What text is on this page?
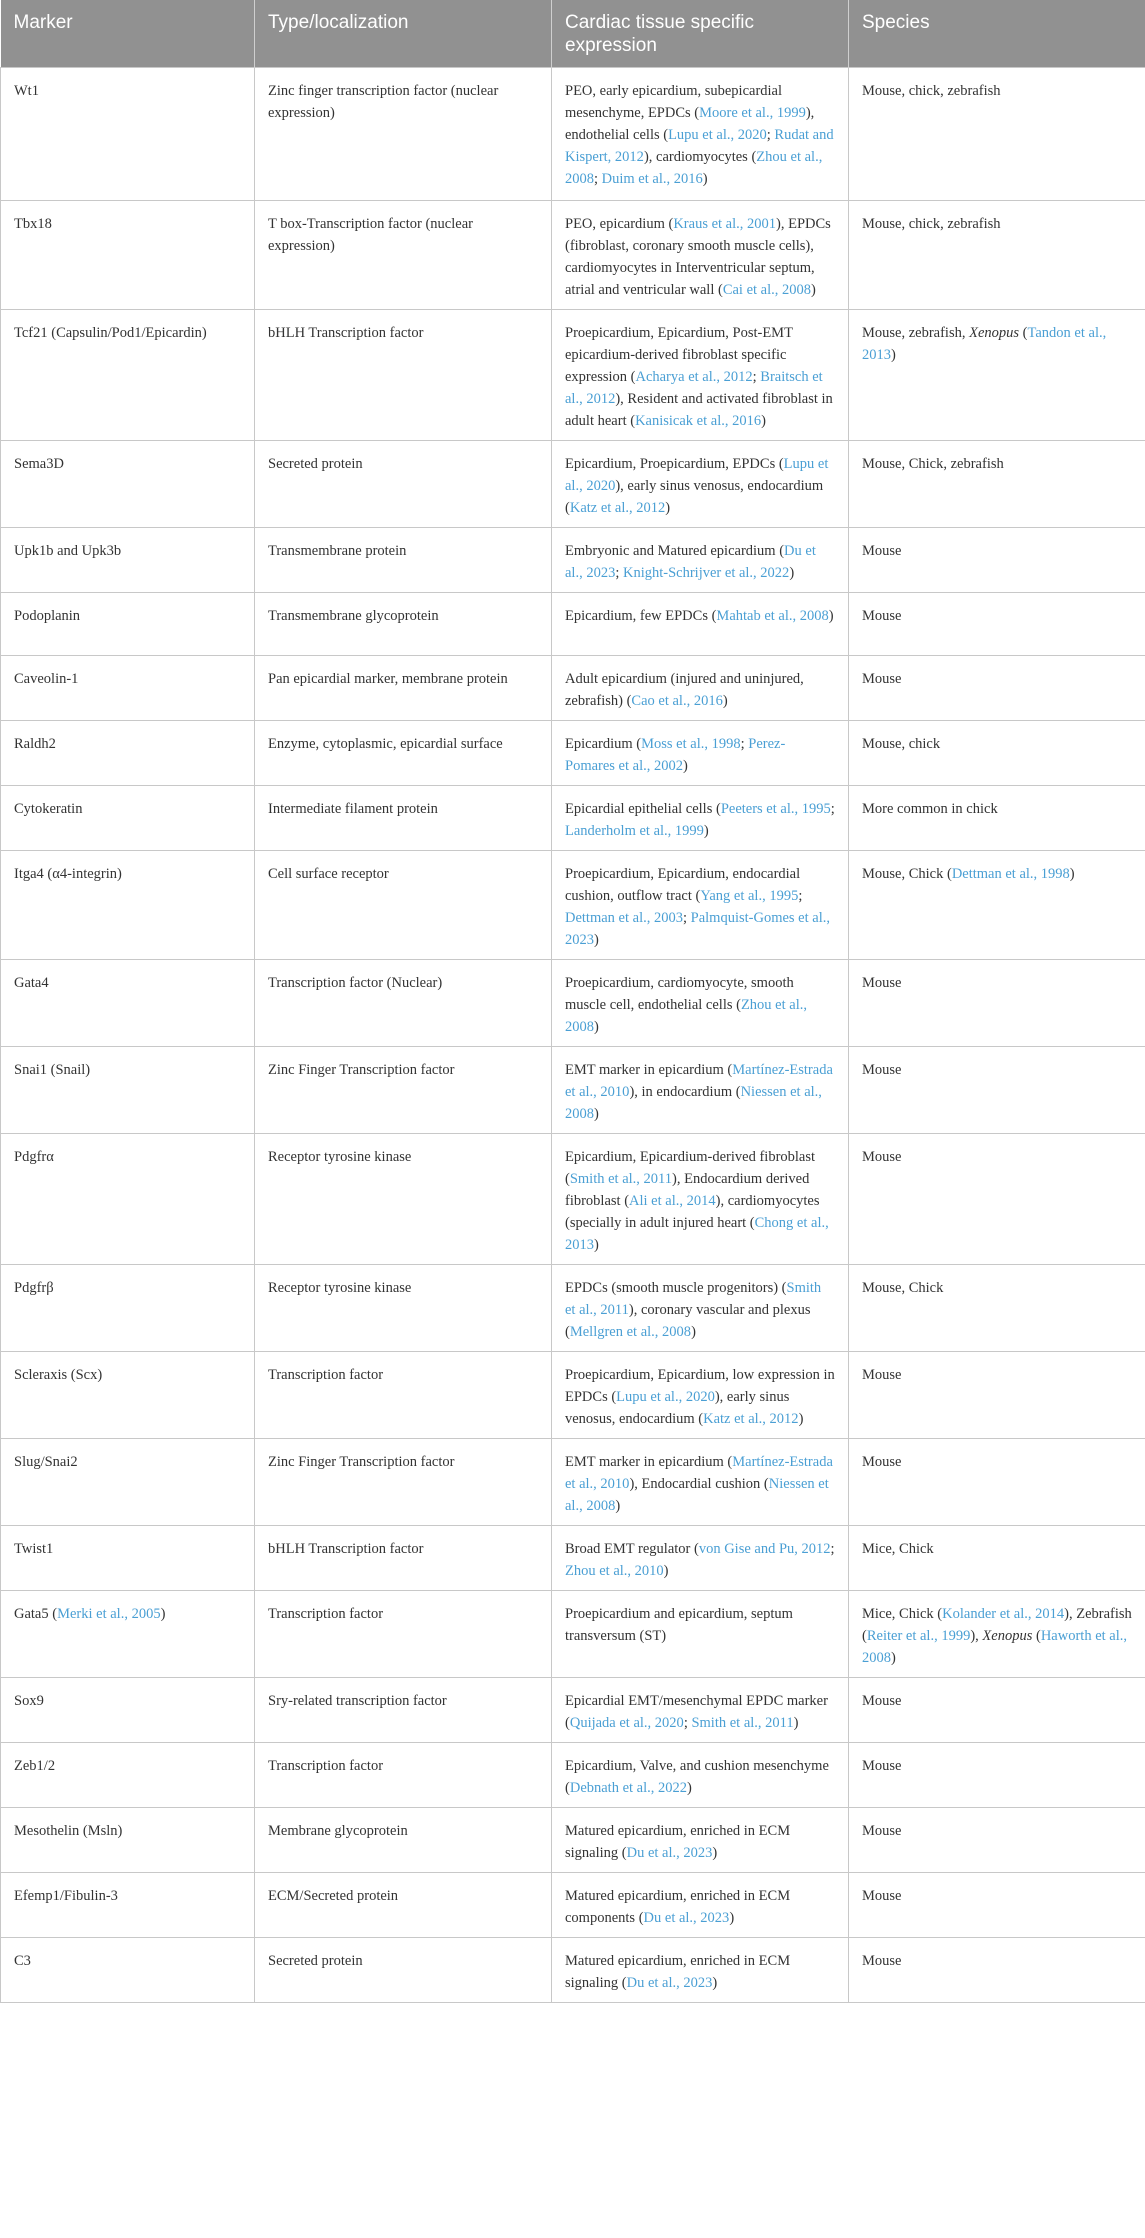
Marker	Type/localization	Cardiac tissue specific expression	Species
Wt1	Zinc finger transcription factor (nuclear expression)	PEO, early epicardium, subepicardial mesenchyme, EPDCs (Moore et al., 1999), endothelial cells (Lupu et al., 2020; Rudat and Kispert, 2012), cardiomyocytes (Zhou et al., 2008; Duim et al., 2016)	Mouse, chick, zebrafish
Tbx18	T box-Transcription factor (nuclear expression)	PEO, epicardium (Kraus et al., 2001), EPDCs (fibroblast, coronary smooth muscle cells), cardiomyocytes in Interventricular septum, atrial and ventricular wall (Cai et al., 2008)	Mouse, chick, zebrafish
Tcf21 (Capsulin/Pod1/Epicardin)	bHLH Transcription factor	Proepicardium, Epicardium, Post-EMT epicardium-derived fibroblast specific expression (Acharya et al., 2012; Braitsch et al., 2012), Resident and activated fibroblast in adult heart (Kanisicak et al., 2016)	Mouse, zebrafish, Xenopus (Tandon et al., 2013)
Sema3D	Secreted protein	Epicardium, Proepicardium, EPDCs (Lupu et al., 2020), early sinus venosus, endocardium (Katz et al., 2012)	Mouse, Chick, zebrafish
Upk1b and Upk3b	Transmembrane protein	Embryonic and Matured epicardium (Du et al., 2023; Knight-Schrijver et al., 2022)	Mouse
Podoplanin	Transmembrane glycoprotein	Epicardium, few EPDCs (Mahtab et al., 2008)	Mouse
Caveolin-1	Pan epicardial marker, membrane protein	Adult epicardium (injured and uninjured, zebrafish) (Cao et al., 2016)	Mouse
Raldh2	Enzyme, cytoplasmic, epicardial surface	Epicardium (Moss et al., 1998; Perez-Pomares et al., 2002)	Mouse, chick
Cytokeratin	Intermediate filament protein	Epicardial epithelial cells (Peeters et al., 1995; Landerholm et al., 1999)	More common in chick
Itga4 (α4-integrin)	Cell surface receptor	Proepicardium, Epicardium, endocardial cushion, outflow tract (Yang et al., 1995; Dettman et al., 2003; Palmquist-Gomes et al., 2023)	Mouse, Chick (Dettman et al., 1998)
Gata4	Transcription factor (Nuclear)	Proepicardium, cardiomyocyte, smooth muscle cell, endothelial cells (Zhou et al., 2008)	Mouse
Snai1 (Snail)	Zinc Finger Transcription factor	EMT marker in epicardium (Martínez-Estrada et al., 2010), in endocardium (Niessen et al., 2008)	Mouse
Pdgfrα	Receptor tyrosine kinase	Epicardium, Epicardium-derived fibroblast (Smith et al., 2011), Endocardium derived fibroblast (Ali et al., 2014), cardiomyocytes (specially in adult injured heart (Chong et al., 2013)	Mouse
Pdgfrβ	Receptor tyrosine kinase	EPDCs (smooth muscle progenitors) (Smith et al., 2011), coronary vascular and plexus (Mellgren et al., 2008)	Mouse, Chick
Scleraxis (Scx)	Transcription factor	Proepicardium, Epicardium, low expression in EPDCs (Lupu et al., 2020), early sinus venosus, endocardium (Katz et al., 2012)	Mouse
Slug/Snai2	Zinc Finger Transcription factor	EMT marker in epicardium (Martínez-Estrada et al., 2010), Endocardial cushion (Niessen et al., 2008)	Mouse
Twist1	bHLH Transcription factor	Broad EMT regulator (von Gise and Pu, 2012; Zhou et al., 2010)	Mice, Chick
Gata5 (Merki et al., 2005)	Transcription factor	Proepicardium and epicardium, septum transversum (ST)	Mice, Chick (Kolander et al., 2014), Zebrafish (Reiter et al., 1999), Xenopus (Haworth et al., 2008)
Sox9	Sry-related transcription factor	Epicardial EMT/mesenchymal EPDC marker (Quijada et al., 2020; Smith et al., 2011)	Mouse
Zeb1/2	Transcription factor	Epicardium, Valve, and cushion mesenchyme (Debnath et al., 2022)	Mouse
Mesothelin (Msln)	Membrane glycoprotein	Matured epicardium, enriched in ECM signaling (Du et al., 2023)	Mouse
Efemp1/Fibulin-3	ECM/Secreted protein	Matured epicardium, enriched in ECM components (Du et al., 2023)	Mouse
C3	Secreted protein	Matured epicardium, enriched in ECM signaling (Du et al., 2023)	Mouse
